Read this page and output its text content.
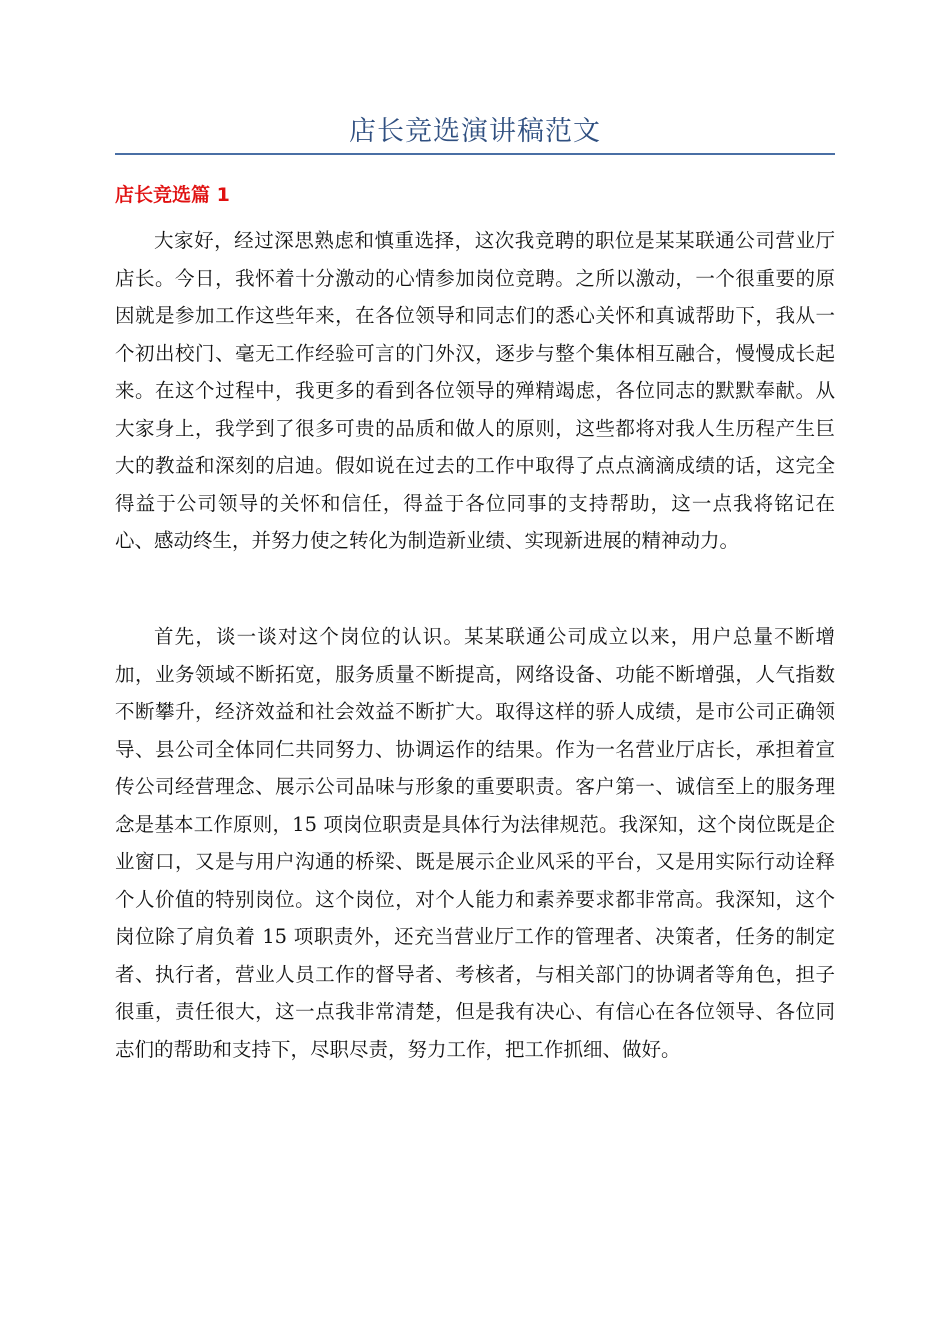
店长竞选演讲稿范文
店长竞选篇 1

大家好，经过深思熟虑和慎重选择，这次我竞聘的职位是某某联通公司营业厅店长。今日，我怀着十分激动的心情参加岗位竞聘。之所以激动，一个很重要的原因就是参加工作这些年来，在各位领导和同志们的悉心关怀和真诚帮助下，我从一个初出校门、毫无工作经验可言的门外汉，逐步与整个集体相互融合，慢慢成长起来。在这个过程中，我更多的看到各位领导的殚精竭虑，各位同志的默默奉献。从大家身上，我学到了很多可贵的品质和做人的原则，这些都将对我人生历程产生巨大的教益和深刻的启迪。假如说在过去的工作中取得了点点滴滴成绩的话，这完全得益于公司领导的关怀和信任，得益于各位同事的支持帮助，这一点我将铭记在心、感动终生，并努力使之转化为制造新业绩、实现新进展的精神动力。

首先，谈一谈对这个岗位的认识。某某联通公司成立以来，用户总量不断增加，业务领域不断拓宽，服务质量不断提高，网络设备、功能不断增强，人气指数不断攀升，经济效益和社会效益不断扩大。取得这样的骄人成绩，是市公司正确领导、县公司全体同仁共同努力、协调运作的结果。作为一名营业厅店长，承担着宣传公司经营理念、展示公司品味与形象的重要职责。客户第一、诚信至上的服务理念是基本工作原则，15 项岗位职责是具体行为法律规范。我深知，这个岗位既是企业窗口，又是与用户沟通的桥梁、既是展示企业风采的平台，又是用实际行动诠释个人价值的特别岗位。这个岗位，对个人能力和素养要求都非常高。我深知，这个岗位除了肩负着 15 项职责外，还充当营业厅工作的管理者、决策者，任务的制定者、执行者，营业人员工作的督导者、考核者，与相关部门的协调者等角色，担子很重，责任很大，这一点我非常清楚，但是我有决心、有信心在各位领导、各位同志们的帮助和支持下，尽职尽责，努力工作，把工作抓细、做好。
